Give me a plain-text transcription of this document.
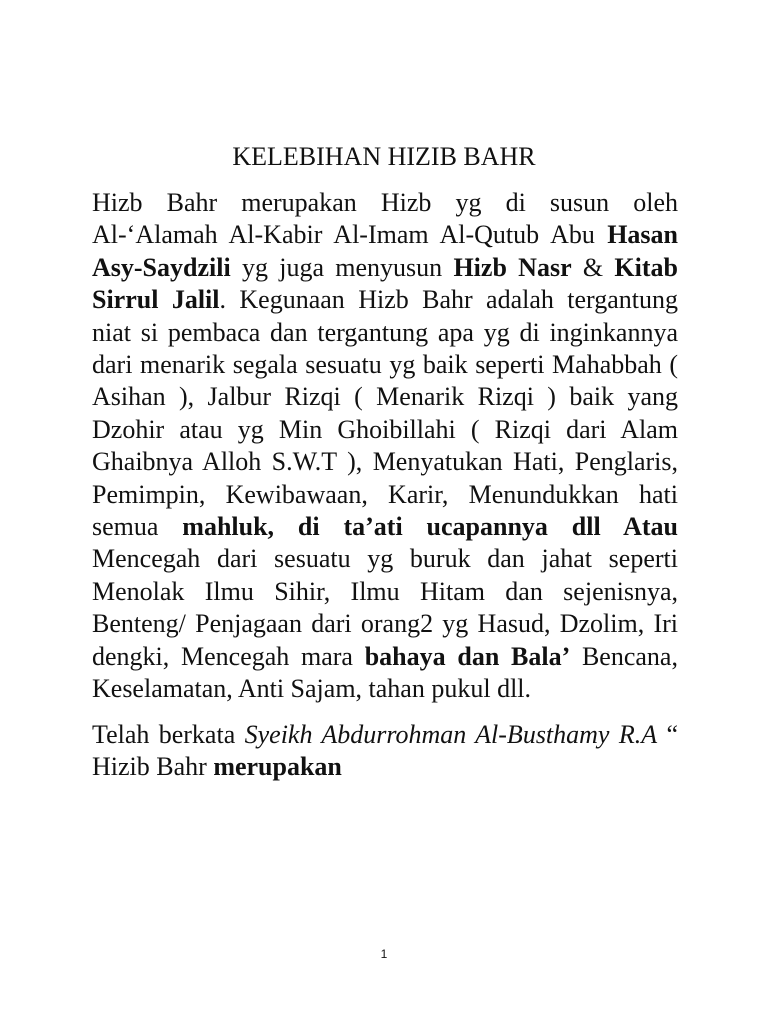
KELEBIHAN HIZIB BAHR

Hizb Bahr merupakan Hizb yg di susun oleh Al-‘Alamah Al-Kabir Al-Imam Al-Qutub Abu Hasan Asy-Saydzili yg juga menyusun Hizb Nasr & Kitab Sirrul Jalil. Kegunaan Hizb Bahr adalah tergantung niat si pembaca dan tergantung apa yg di inginkannya dari menarik segala sesuatu yg baik seperti Mahabbah ( Asihan ), Jalbur Rizqi ( Menarik Rizqi ) baik yang Dzohir atau yg Min Ghoibillahi ( Rizqi dari Alam Ghaibnya Alloh S.W.T ), Menyatukan Hati, Penglaris, Pemimpin, Kewibawaan, Karir, Menundukkan hati semua mahluk, di ta’ati ucapannya dll Atau Mencegah dari sesuatu yg buruk dan jahat seperti Menolak Ilmu Sihir, Ilmu Hitam dan sejenisnya, Benteng/ Penjagaan dari orang2 yg Hasud, Dzolim, Iri dengki, Mencegah mara bahaya dan Bala’ Bencana, Keselamatan, Anti Sajam, tahan pukul dll.

Telah berkata Syeikh Abdurrohman Al-Busthamy R.A “ Hizib Bahr merupakan

1
